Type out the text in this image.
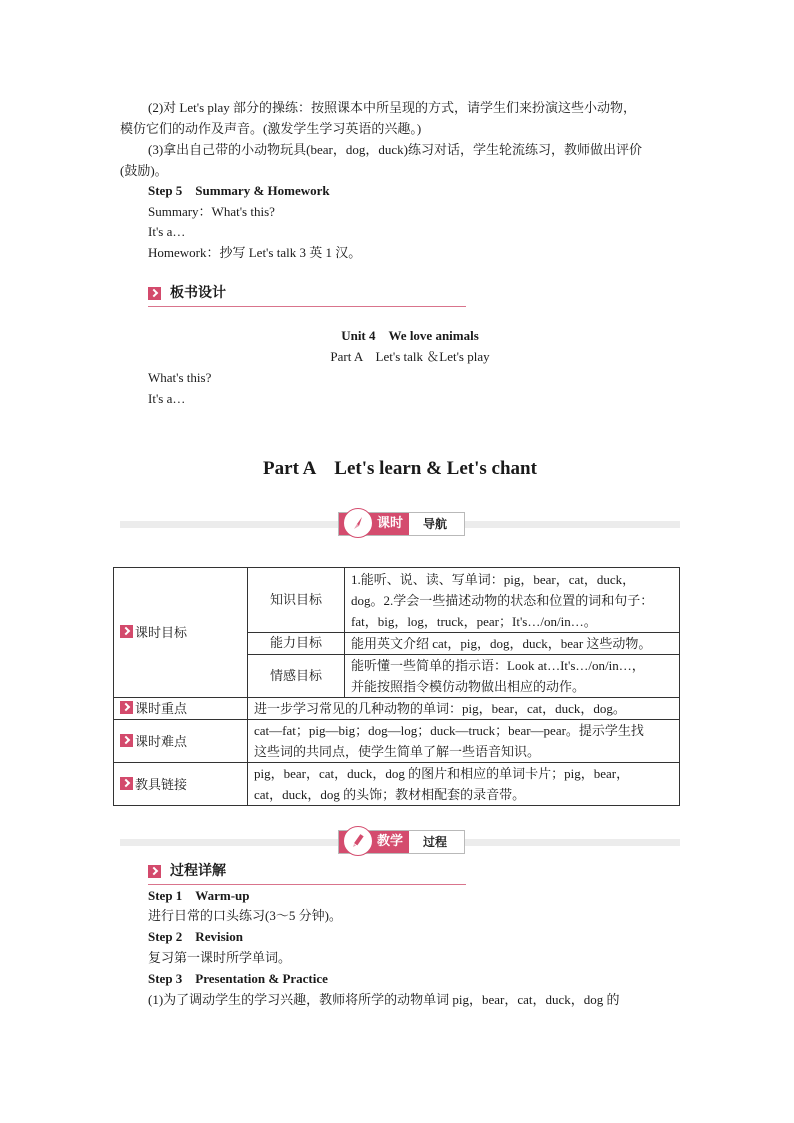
(2)对 Let's play 部分的操练：按照课本中所呈现的方式，请学生们来扮演这些小动物，
模仿它们的动作及声音。(激发学生学习英语的兴趣。)
(3)拿出自己带的小动物玩具(bear，dog，duck)练习对话，学生轮流练习，教师做出评价
(鼓励)。
Step 5　Summary & Homework
Summary：What's this?
It's a…
Homework：抄写 Let's talk 3 英 1 汉。
板书设计
Unit 4　We love animals
Part A　Let's talk ＆Let's play
What's this?
It's a…
Part A　Let's learn & Let's chant
课时 导航
课时目标	知识目标	1.能听、说、读、写单词：pig，bear，cat，duck，
dog。2.学会一些描述动物的状态和位置的词和句子：
fat，big，log，truck，pear；It's…/on/in…。

	能力目标	能用英文介绍 cat，pig，dog，duck，bear 这些动物。
	情感目标	能听懂一些简单的指示语：Look at…It's…/on/in…，
并能按照指令模仿动物做出相应的动作。

课时重点	进一步学习常见的几种动物的单词：pig，bear，cat，duck，dog。	
课时难点	cat—fat；pig—big；dog—log；duck—truck；bear—pear。提示学生找
这些词的共同点，使学生简单了解一些语音知识。	

教具链接	pig，bear，cat，duck，dog 的图片和相应的单词卡片；pig，bear，
cat，duck，dog 的头饰；教材相配套的录音带。	
教学 过程
过程详解
Step 1　Warm-up
进行日常的口头练习(3～5 分钟)。
Step 2　Revision
复习第一课时所学单词。
Step 3　Presentation & Practice
(1)为了调动学生的学习兴趣，教师将所学的动物单词 pig，bear，cat，duck，dog 的
